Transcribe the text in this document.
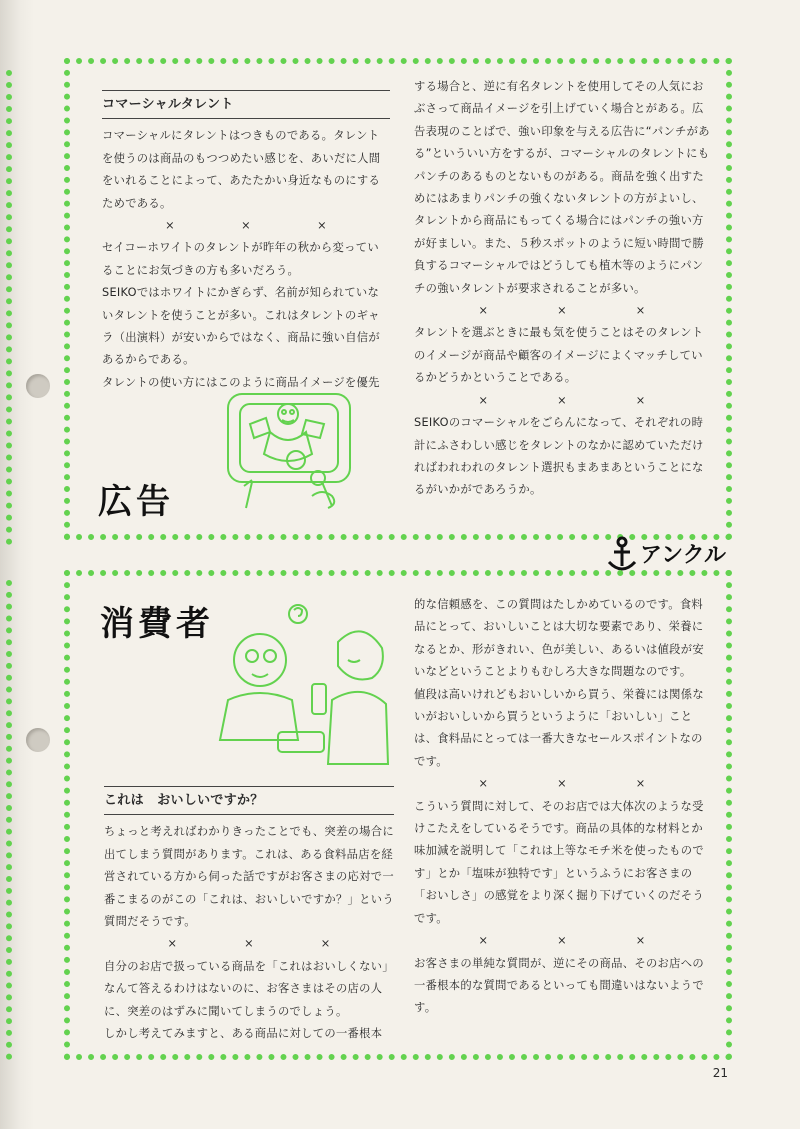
コマーシャルタレント

コマーシャルにタレントはつきものである。タレントを使うのは商品のもつつめたい感じを、あいだに人間をいれることによって、あたたかい身近なものにするためである。

×	×	×

セイコーホワイトのタレントが昨年の秋から変っていることにお気づきの方も多いだろう。

SEIKOではホワイトにかぎらず、名前が知られていないタレントを使うことが多い。これはタレントのギャラ（出演料）が安いからではなく、商品に強い自信があるからである。

タレントの使い方にはこのように商品イメージを優先

する場合と、逆に有名タレントを使用してその人気におぶさって商品イメージを引上げていく場合とがある。広告表現のことばで、強い印象を与える広告に“パンチがある”といういい方をするが、コマーシャルのタレントにもパンチのあるものとないものがある。商品を強く出すためにはあまりパンチの強くないタレントの方がよいし、タレントから商品にもってくる場合にはパンチの強い方が好ましい。また、５秒スポットのように短い時間で勝負するコマーシャルではどうしても植木等のようにパンチの強いタレントが要求されることが多い。

×	×	×

タレントを選ぶときに最も気を使うことはそのタレントのイメージが商品や顧客のイメージによくマッチしているかどうかということである。

×	×	×

SEIKOのコマーシャルをごらんになって、それぞれの時計にふさわしい感じをタレントのなかに認めていただければわれわれのタレント選択もまあまあということになるがいかがであろうか。

広告
アンクル
消費者
これは　おいしいですか？

ちょっと考えればわかりきったことでも、突差の場合に出てしまう質問があります。これは、ある食料品店を経営されている方から伺った話ですがお客さまの応対で一番こまるのがこの「これは、おいしいですか？」という質問だそうです。

×	×	×

自分のお店で扱っている商品を「これはおいしくない」なんて答えるわけはないのに、お客さまはその店の人に、突差のはずみに聞いてしまうのでしょう。

しかし考えてみますと、ある商品に対しての一番根本

的な信頼感を、この質問はたしかめているのです。食料品にとって、おいしいことは大切な要素であり、栄養になるとか、形がきれい、色が美しい、あるいは値段が安いなどということよりもむしろ大きな問題なのです。

値段は高いけれどもおいしいから買う、栄養には関係ないがおいしいから買うというように「おいしい」ことは、食料品にとっては一番大きなセールスポイントなのです。

×	×	×

こういう質問に対して、そのお店では大体次のような受けこたえをしているそうです。商品の具体的な材料とか味加減を説明して「これは上等なモチ米を使ったものです」とか「塩味が独特です」というふうにお客さまの「おいしさ」の感覚をより深く掘り下げていくのだそうです。

×	×	×

お客さまの単純な質問が、逆にその商品、そのお店への一番根本的な質問であるといっても間違いはないようです。

21
